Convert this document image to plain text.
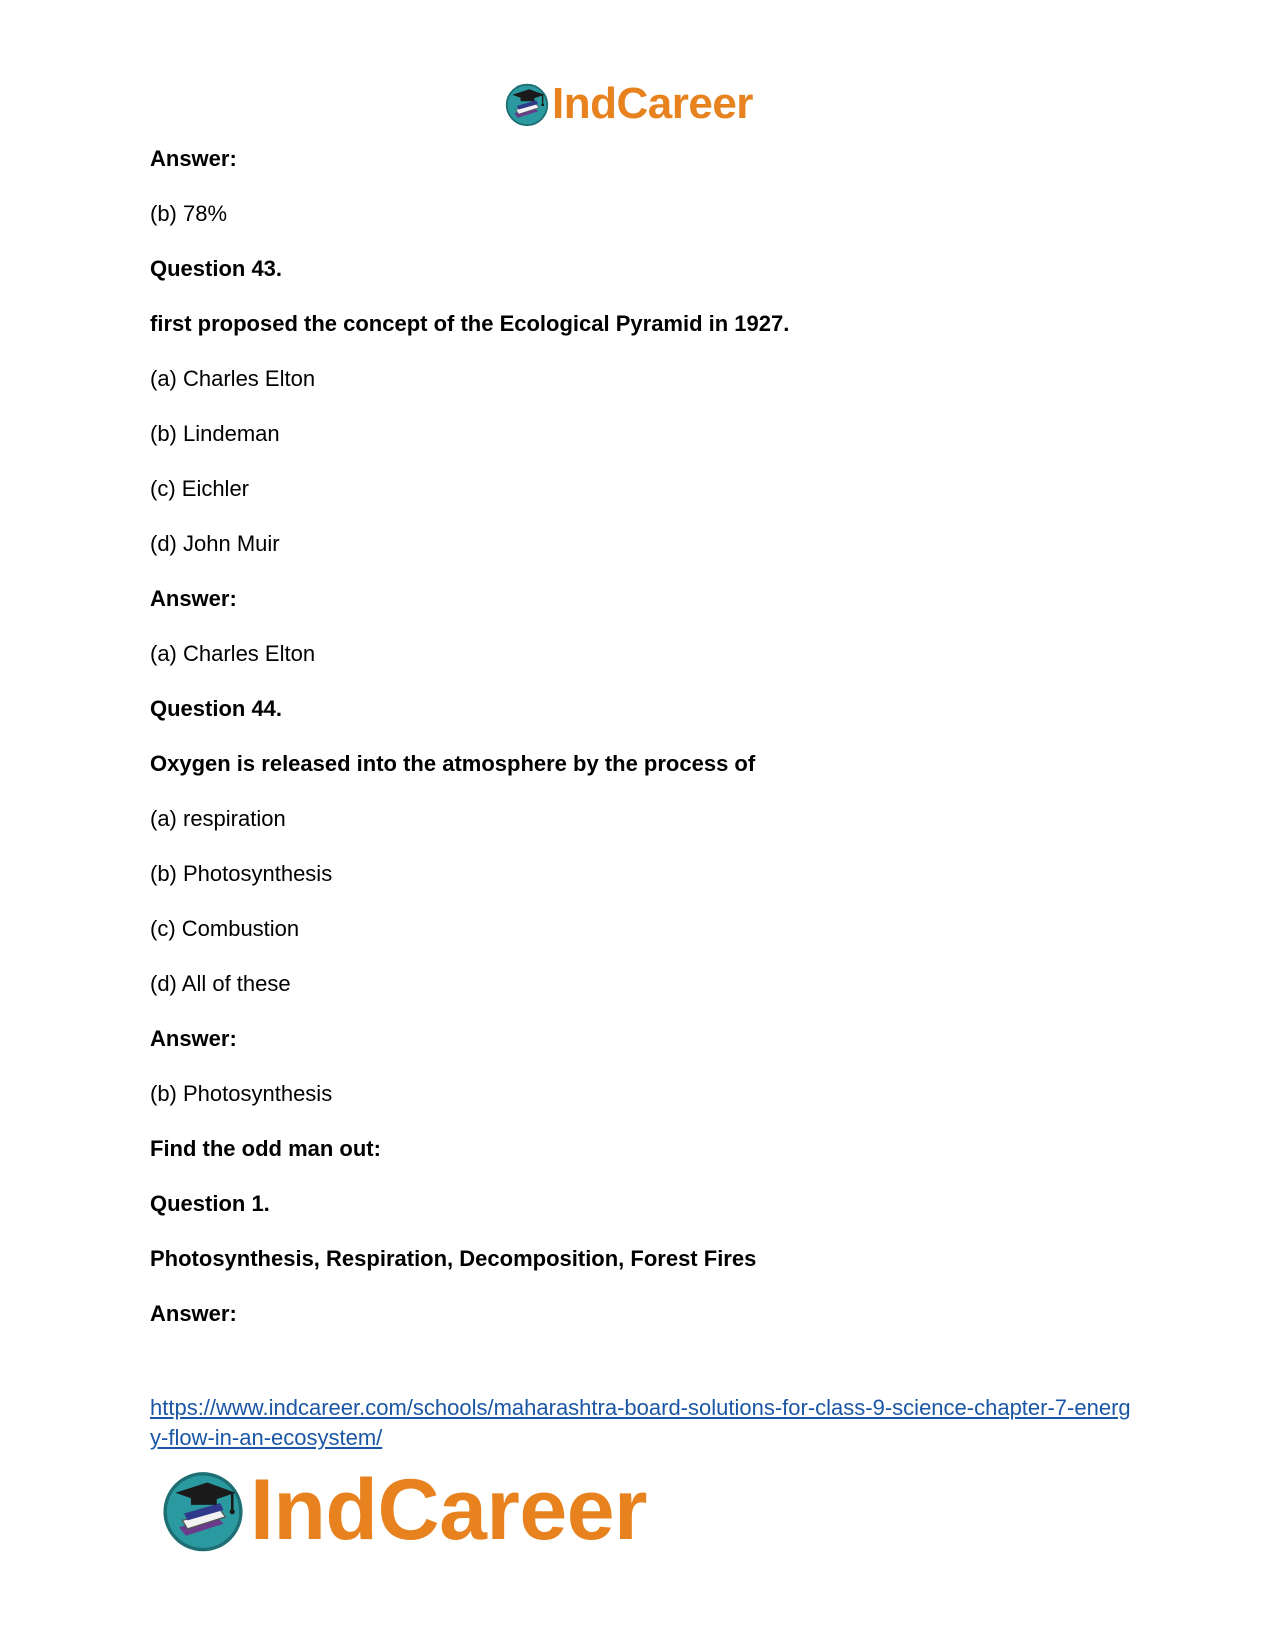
IndCareer
Answer:
(b) 78%
Question 43.
first proposed the concept of the Ecological Pyramid in 1927.
(a) Charles Elton
(b) Lindeman
(c) Eichler
(d) John Muir
Answer:
(a) Charles Elton
Question 44.
Oxygen is released into the atmosphere by the process of
(a) respiration
(b) Photosynthesis
(c) Combustion
(d) All of these
Answer:
(b) Photosynthesis
Find the odd man out:
Question 1.
Photosynthesis, Respiration, Decomposition, Forest Fires
Answer:
https://www.indcareer.com/schools/maharashtra-board-solutions-for-class-9-science-chapter-7-energy-flow-in-an-ecosystem/
IndCareer
